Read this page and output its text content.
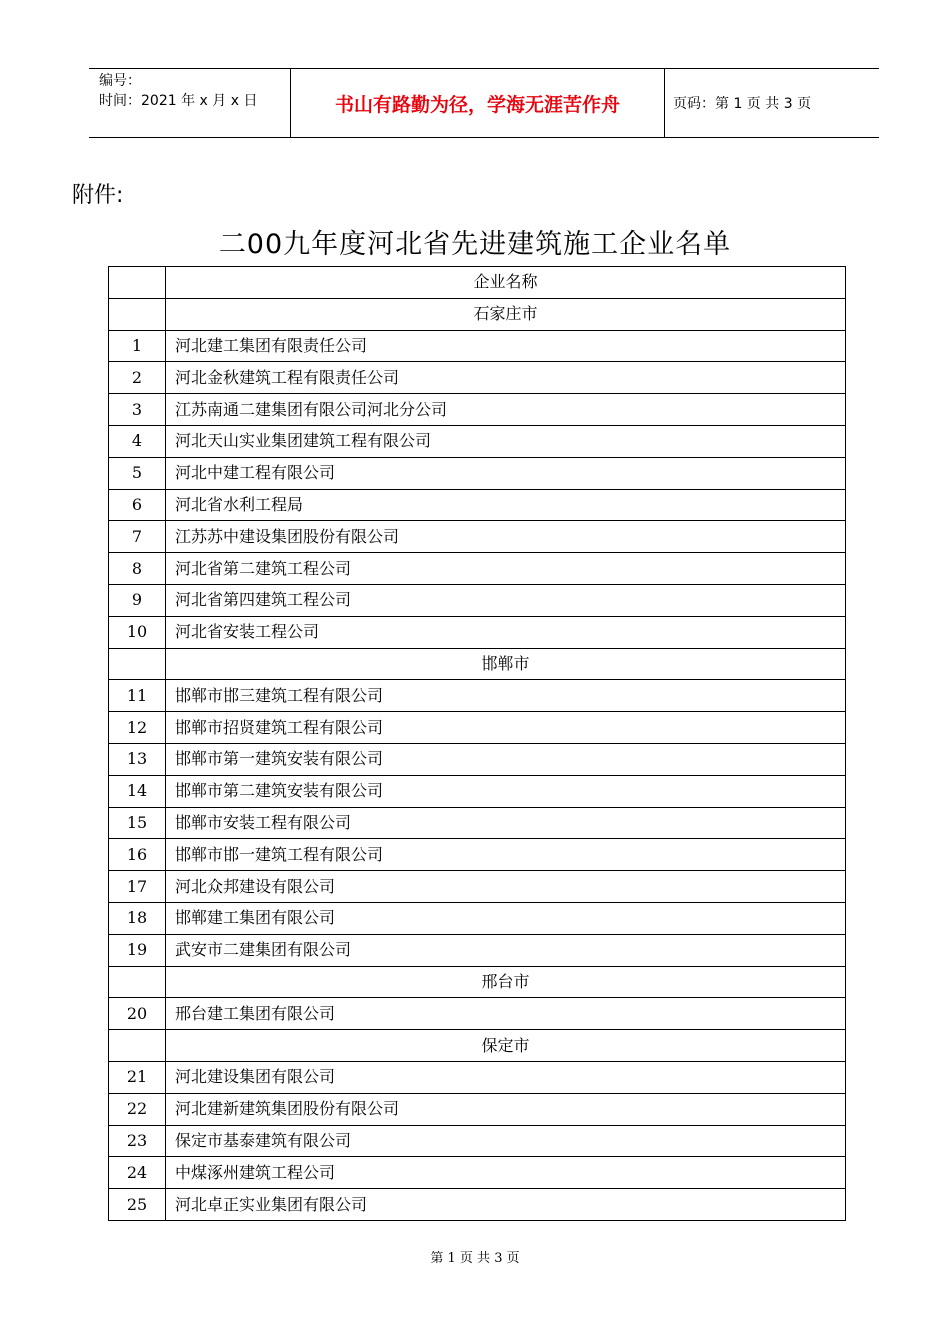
编号：
时间：2021 年 x 月 x 日	书山有路勤为径，学海无涯苦作舟	页码：第 1 页 共 3 页
附件:
二00九年度河北省先进建筑施工企业名单
	企业名称
	石家庄市
1	河北建工集团有限责任公司
2	河北金秋建筑工程有限责任公司
3	江苏南通二建集团有限公司河北分公司
4	河北天山实业集团建筑工程有限公司
5	河北中建工程有限公司
6	河北省水利工程局
7	江苏苏中建设集团股份有限公司
8	河北省第二建筑工程公司
9	河北省第四建筑工程公司
10	河北省安装工程公司
	邯郸市
11	邯郸市邯三建筑工程有限公司
12	邯郸市招贤建筑工程有限公司
13	邯郸市第一建筑安装有限公司
14	邯郸市第二建筑安装有限公司
15	邯郸市安装工程有限公司
16	邯郸市邯一建筑工程有限公司
17	河北众邦建设有限公司
18	邯郸建工集团有限公司
19	武安市二建集团有限公司
	邢台市
20	邢台建工集团有限公司
	保定市
21	河北建设集团有限公司
22	河北建新建筑集团股份有限公司
23	保定市基泰建筑有限公司
24	中煤涿州建筑工程公司
25	河北卓正实业集团有限公司
第 1 页 共 3 页
